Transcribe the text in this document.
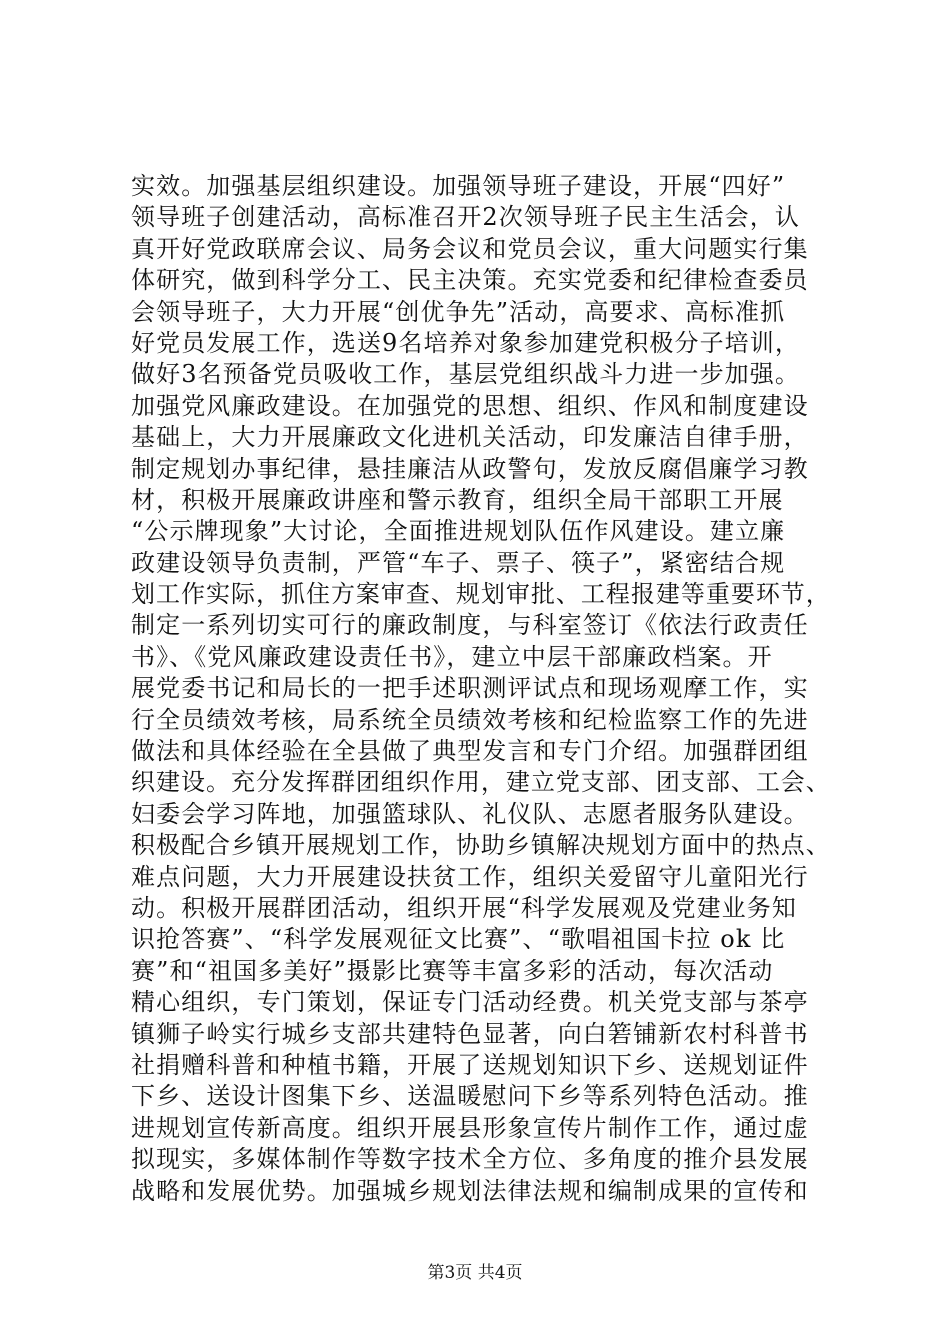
实效。加强基层组织建设。加强领导班子建设，开展“四好”
领导班子创建活动，高标准召开2次领导班子民主生活会，认
真开好党政联席会议、局务会议和党员会议，重大问题实行集
体研究，做到科学分工、民主决策。充实党委和纪律检查委员
会领导班子，大力开展“创优争先”活动，高要求、高标准抓
好党员发展工作，选送9名培养对象参加建党积极分子培训，
做好3名预备党员吸收工作，基层党组织战斗力进一步加强。
加强党风廉政建设。在加强党的思想、组织、作风和制度建设
基础上，大力开展廉政文化进机关活动，印发廉洁自律手册，
制定规划办事纪律，悬挂廉洁从政警句，发放反腐倡廉学习教
材，积极开展廉政讲座和警示教育，组织全局干部职工开展
“公示牌现象”大讨论，全面推进规划队伍作风建设。建立廉
政建设领导负责制，严管“车子、票子、筷子”，紧密结合规
划工作实际，抓住方案审查、规划审批、工程报建等重要环节，
制定一系列切实可行的廉政制度，与科室签订《依法行政责任
书》、《党风廉政建设责任书》，建立中层干部廉政档案。开
展党委书记和局长的一把手述职测评试点和现场观摩工作，实
行全员绩效考核，局系统全员绩效考核和纪检监察工作的先进
做法和具体经验在全县做了典型发言和专门介绍。加强群团组
织建设。充分发挥群团组织作用，建立党支部、团支部、工会、
妇委会学习阵地，加强篮球队、礼仪队、志愿者服务队建设。
积极配合乡镇开展规划工作，协助乡镇解决规划方面中的热点、
难点问题，大力开展建设扶贫工作，组织关爱留守儿童阳光行
动。积极开展群团活动，组织开展“科学发展观及党建业务知
识抢答赛”、“科学发展观征文比赛”、“歌唱祖国卡拉 ok 比
赛”和“祖国多美好”摄影比赛等丰富多彩的活动，每次活动
精心组织，专门策划，保证专门活动经费。机关党支部与茶亭
镇狮子岭实行城乡支部共建特色显著，向白箬铺新农村科普书
社捐赠科普和种植书籍，开展了送规划知识下乡、送规划证件
下乡、送设计图集下乡、送温暖慰问下乡等系列特色活动。推
进规划宣传新高度。组织开展县形象宣传片制作工作，通过虚
拟现实，多媒体制作等数字技术全方位、多角度的推介县发展
战略和发展优势。加强城乡规划法律法规和编制成果的宣传和
第3页 共4页
